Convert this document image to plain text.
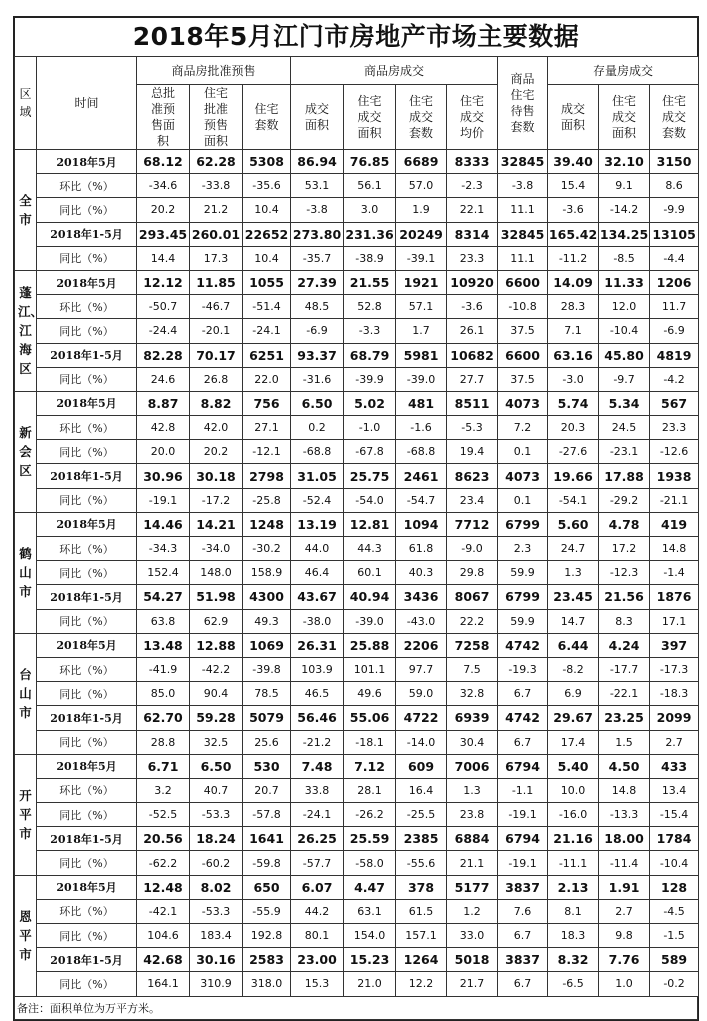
2018年5月江门市房地产市场主要数据
区域	时间	商品房批准预售			商品房成交				商品住宅待售套数	存量房成交		
		总批准预售面积	住宅批准预售面积	住宅套数	成交面积	住宅成交面积	住宅成交套数	住宅成交均价		成交面积	住宅成交面积	住宅成交套数
全市	2018年5月	68.12	62.28	5308	86.94	76.85	6689	8333	32845	39.40	32.10	3150
	环比（%）	-34.6	-33.8	-35.6	53.1	56.1	57.0	-2.3	-3.8	15.4	9.1	8.6
	同比（%）	20.2	21.2	10.4	-3.8	3.0	1.9	22.1	11.1	-3.6	-14.2	-9.9
	2018年1-5月	293.45	260.01	22652	273.80	231.36	20249	8314	32845	165.42	134.25	13105
	同比（%）	14.4	17.3	10.4	-35.7	-38.9	-39.1	23.3	11.1	-11.2	-8.5	-4.4
蓬江、江海区	2018年5月	12.12	11.85	1055	27.39	21.55	1921	10920	6600	14.09	11.33	1206
	环比（%）	-50.7	-46.7	-51.4	48.5	52.8	57.1	-3.6	-10.8	28.3	12.0	11.7
	同比（%）	-24.4	-20.1	-24.1	-6.9	-3.3	1.7	26.1	37.5	7.1	-10.4	-6.9
	2018年1-5月	82.28	70.17	6251	93.37	68.79	5981	10682	6600	63.16	45.80	4819
	同比（%）	24.6	26.8	22.0	-31.6	-39.9	-39.0	27.7	37.5	-3.0	-9.7	-4.2
新会区	2018年5月	8.87	8.82	756	6.50	5.02	481	8511	4073	5.74	5.34	567
	环比（%）	42.8	42.0	27.1	0.2	-1.0	-1.6	-5.3	7.2	20.3	24.5	23.3
	同比（%）	20.0	20.2	-12.1	-68.8	-67.8	-68.8	19.4	0.1	-27.6	-23.1	-12.6
	2018年1-5月	30.96	30.18	2798	31.05	25.75	2461	8623	4073	19.66	17.88	1938
	同比（%）	-19.1	-17.2	-25.8	-52.4	-54.0	-54.7	23.4	0.1	-54.1	-29.2	-21.1
鹤山市	2018年5月	14.46	14.21	1248	13.19	12.81	1094	7712	6799	5.60	4.78	419
	环比（%）	-34.3	-34.0	-30.2	44.0	44.3	61.8	-9.0	2.3	24.7	17.2	14.8
	同比（%）	152.4	148.0	158.9	46.4	60.1	40.3	29.8	59.9	1.3	-12.3	-1.4
	2018年1-5月	54.27	51.98	4300	43.67	40.94	3436	8067	6799	23.45	21.56	1876
	同比（%）	63.8	62.9	49.3	-38.0	-39.0	-43.0	22.2	59.9	14.7	8.3	17.1
台山市	2018年5月	13.48	12.88	1069	26.31	25.88	2206	7258	4742	6.44	4.24	397
	环比（%）	-41.9	-42.2	-39.8	103.9	101.1	97.7	7.5	-19.3	-8.2	-17.7	-17.3
	同比（%）	85.0	90.4	78.5	46.5	49.6	59.0	32.8	6.7	6.9	-22.1	-18.3
	2018年1-5月	62.70	59.28	5079	56.46	55.06	4722	6939	4742	29.67	23.25	2099
	同比（%）	28.8	32.5	25.6	-21.2	-18.1	-14.0	30.4	6.7	17.4	1.5	2.7
开平市	2018年5月	6.71	6.50	530	7.48	7.12	609	7006	6794	5.40	4.50	433
	环比（%）	3.2	40.7	20.7	33.8	28.1	16.4	1.3	-1.1	10.0	14.8	13.4
	同比（%）	-52.5	-53.3	-57.8	-24.1	-26.2	-25.5	23.8	-19.1	-16.0	-13.3	-15.4
	2018年1-5月	20.56	18.24	1641	26.25	25.59	2385	6884	6794	21.16	18.00	1784
	同比（%）	-62.2	-60.2	-59.8	-57.7	-58.0	-55.6	21.1	-19.1	-11.1	-11.4	-10.4
恩平市	2018年5月	12.48	8.02	650	6.07	4.47	378	5177	3837	2.13	1.91	128
	环比（%）	-42.1	-53.3	-55.9	44.2	63.1	61.5	1.2	7.6	8.1	2.7	-4.5
	同比（%）	104.6	183.4	192.8	80.1	154.0	157.1	33.0	6.7	18.3	9.8	-1.5
	2018年1-5月	42.68	30.16	2583	23.00	15.23	1264	5018	3837	8.32	7.76	589
	同比（%）	164.1	310.9	318.0	15.3	21.0	12.2	21.7	6.7	-6.5	1.0	-0.2
备注：面积单位为万平方米。
